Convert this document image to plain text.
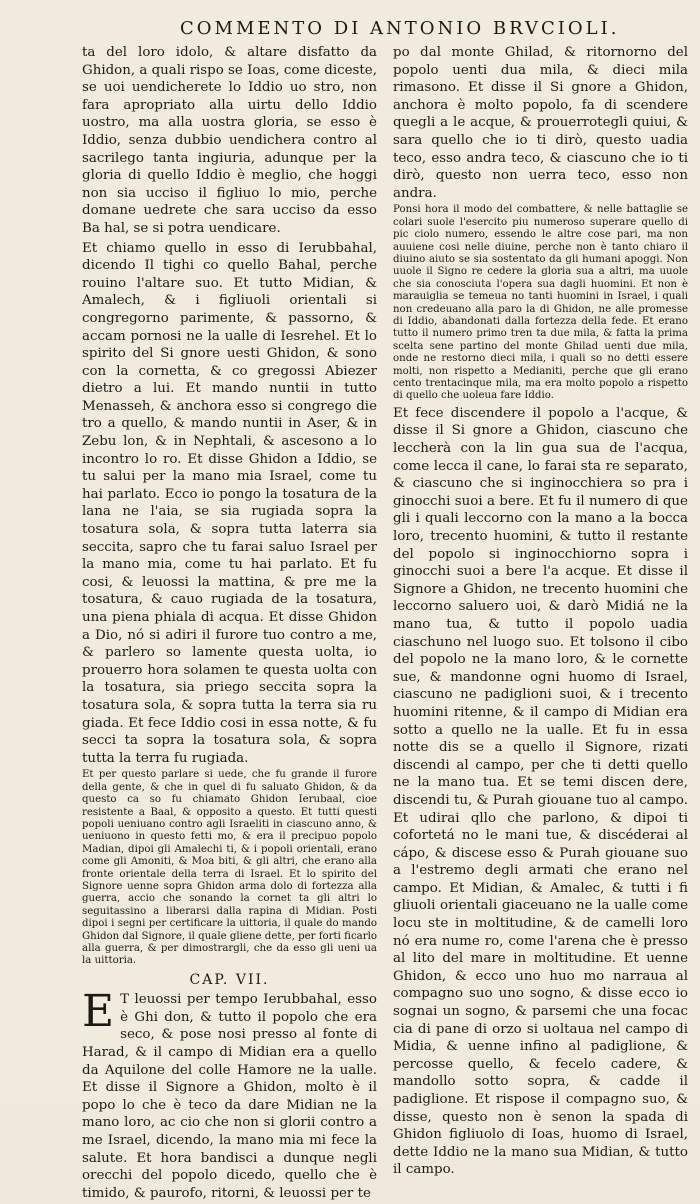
COMMENTO DI ANTONIO BRVCIOLI.

ta del loro idolo, & altare disfatto da Ghidon, a quali rispo se Ioas, come diceste, se uoi uendicherete lo Iddio uo stro, non fara apropriato alla uirtu dello Iddio uostro, ma alla uostra gloria, se esso è Iddio, senza dubbio uendichera contro al sacrilego tanta ingiuria, adunque per la gloria di quello Iddio è meglio, che hoggi non sia ucciso il figliuo lo mio, perche domane uedrete che sara ucciso da esso Ba hal, se si potra uendicare.

Et chiamo quello in esso di Ierubbahal, dicendo Il tighi co quello Bahal, perche rouino l'altare suo. Et tutto Midian, & Amalech, & i figliuoli orientali si congregorno parimente, & passorno, & accam pornosi ne la ualle di Iesrehel. Et lo spirito del Si gnore uesti Ghidon, & sono con la cornetta, & co gregossi Abiezer dietro a lui. Et mando nuntii in tutto Menasseh, & anchora esso si congrego die tro a quello, & mando nuntii in Aser, & in Zebu lon, & in Nephtali, & ascesono a lo incontro lo ro. Et disse Ghidon a Iddio, se tu salui per la mano mia Israel, come tu hai parlato. Ecco io pongo la tosatura de la lana ne l'aia, se sia rugiada sopra la tosatura sola, & sopra tutta laterra sia seccita, sapro che tu farai saluo Israel per la mano mia, come tu hai parlato. Et fu cosi, & leuossi la mattina, & pre me la tosatura, & cauo rugiada de la tosatura, una piena phiala di acqua. Et disse Ghidon a Dio, nó si adiri il furore tuo contro a me, & parlero so lamente questa uolta, io prouerro hora solamen te questa uolta con la tosatura, sia priego seccita sopra la tosatura sola, & sopra tutta la terra sia ru giada. Et fece Iddio cosi in essa notte, & fu secci ta sopra la tosatura sola, & sopra tutta la terra fu rugiada.

Et per questo parlare si uede, che fu grande il furore della gente, & che in quel di fu saluato Ghidon, & da questo ca so fu chiamato Ghidon Ierubaal, cioe resistente a Baal, & opposito a questo. Et tutti questi popoli ueniuano contro agli Israeliti in ciascuno anno, & ueniuono in questo fetti mo, & era il precipuo popolo Madian, dipoi gli Amalechi ti, & i popoli orientali, erano come gli Amoniti, & Moa biti, & gli altri, che erano alla fronte orientale della terra di Israel. Et lo spirito del Signore uenne sopra Ghidon arma dolo di fortezza alla guerra, accio che sonando la cornet ta gli altri lo seguitassino a liberarsi dalla rapina di Midian. Posti dipoi i segni per certificare la uittoria, il quale do mando Ghidon dal Signore, il quale gliene dette, per forti ficarlo alla guerra, & per dimostrargli, che da esso gli ueni ua la uittoria.

CAP. VII.

E T leuossi per tempo Ierubbahal, esso è Ghi don, & tutto il popolo che era seco, & pose nosi presso al fonte di Harad, & il campo di Midian era a quello da Aquilone del colle Hamore ne la ualle. Et disse il Signore a Ghidon, molto è il popo lo che è teco da dare Midian ne la mano loro, ac cio che non si glorii contro a me Israel, dicendo, la mano mia mi fece la salute. Et hora bandisci a dunque negli orecchi del popolo dicedo, quello che è timido, & paurofo, ritorni, & leuossi per te

po dal monte Ghilad, & ritornorno del popolo uenti dua mila, & dieci mila rimasono. Et disse il Si gnore a Ghidon, anchora è molto popolo, fa di scendere quegli a le acque, & prouerrotegli quiui, & sara quello che io ti dirò, questo uadia teco, esso andra teco, & ciascuno che io ti dirò, questo non uerra teco, esso non andra.

Ponsi hora il modo del combattere, & nelle battaglie se colari suole l'esercito piu numeroso superare quello di pic ciolo numero, essendo le altre cose pari, ma non auuiene cosi nelle diuine, perche non è tanto chiaro il diuino aiuto se sia sostentato da gli humani apoggi. Non uuole il Signo re cedere la gloria sua a altri, ma uuole che sia conosciuta l'opera sua dagli huomini. Et non è marauiglia se temeua no tanti huomini in Israel, i quali non credeuano alla paro la di Ghidon, ne alle promesse di Iddio, abandonati dalla fortezza della fede. Et erano tutto il numero primo tren ta due mila, & fatta la prima scelta sene partino del monte Ghilad uenti due mila, onde ne restorno dieci mila, i quali so no detti essere molti, non rispetto a Medianiti, perche que gli erano cento trentacinque mila, ma era molto popolo a rispetto di quello che uoleua fare Iddio.

Et fece discendere il popolo a l'acque, & disse il Si gnore a Ghidon, ciascuno che leccherà con la lin gua sua de l'acqua, come lecca il cane, lo farai sta re separato, & ciascuno che si inginocchiera so pra i ginocchi suoi a bere. Et fu il numero di que gli i quali leccorno con la mano a la bocca loro, trecento huomini, & tutto il restante del popolo si inginocchiorno sopra i ginocchi suoi a bere l'a acque. Et disse il Signore a Ghidon, ne trecento huomini che leccorno saluero uoi, & darò Midiá ne la mano tua, & tutto il popolo uadia ciaschuno nel luogo suo. Et tolsono il cibo del popolo ne la mano loro, & le cornette sue, & mandonne ogni huomo di Israel, ciascuno ne padiglioni suoi, & i trecento huomini ritenne, & il campo di Midian era sotto a quello ne la ualle. Et fu in essa notte dis se a quello il Signore, rizati discendi al campo, per che ti detti quello ne la mano tua. Et se temi discen dere, discendi tu, & Purah giouane tuo al campo. Et udirai qllo che parlono, & dipoi ti cofortetá no le mani tue, & discéderai al cápo, & discese esso & Purah giouane suo a l'estremo degli armati che erano nel campo. Et Midian, & Amalec, & tutti i fi gliuoli orientali giaceuano ne la ualle come locu ste in moltitudine, & de camelli loro nó era nume ro, come l'arena che è presso al lito del mare in moltitudine. Et uenne Ghidon, & ecco uno huo mo narraua al compagno suo uno sogno, & disse ecco io sognai un sogno, & parsemi che una focac cia di pane di orzo si uoltaua nel campo di Midia, & uenne infino al padiglione, & percosse quello, & fecelo cadere, & mandollo sotto sopra, & cadde il padiglione. Et rispose il compagno suo, & disse, questo non è senon la spada di Ghidon figliuolo di Ioas, huomo di Israel, dette Iddio ne la mano sua Midian, & tutto il campo.
